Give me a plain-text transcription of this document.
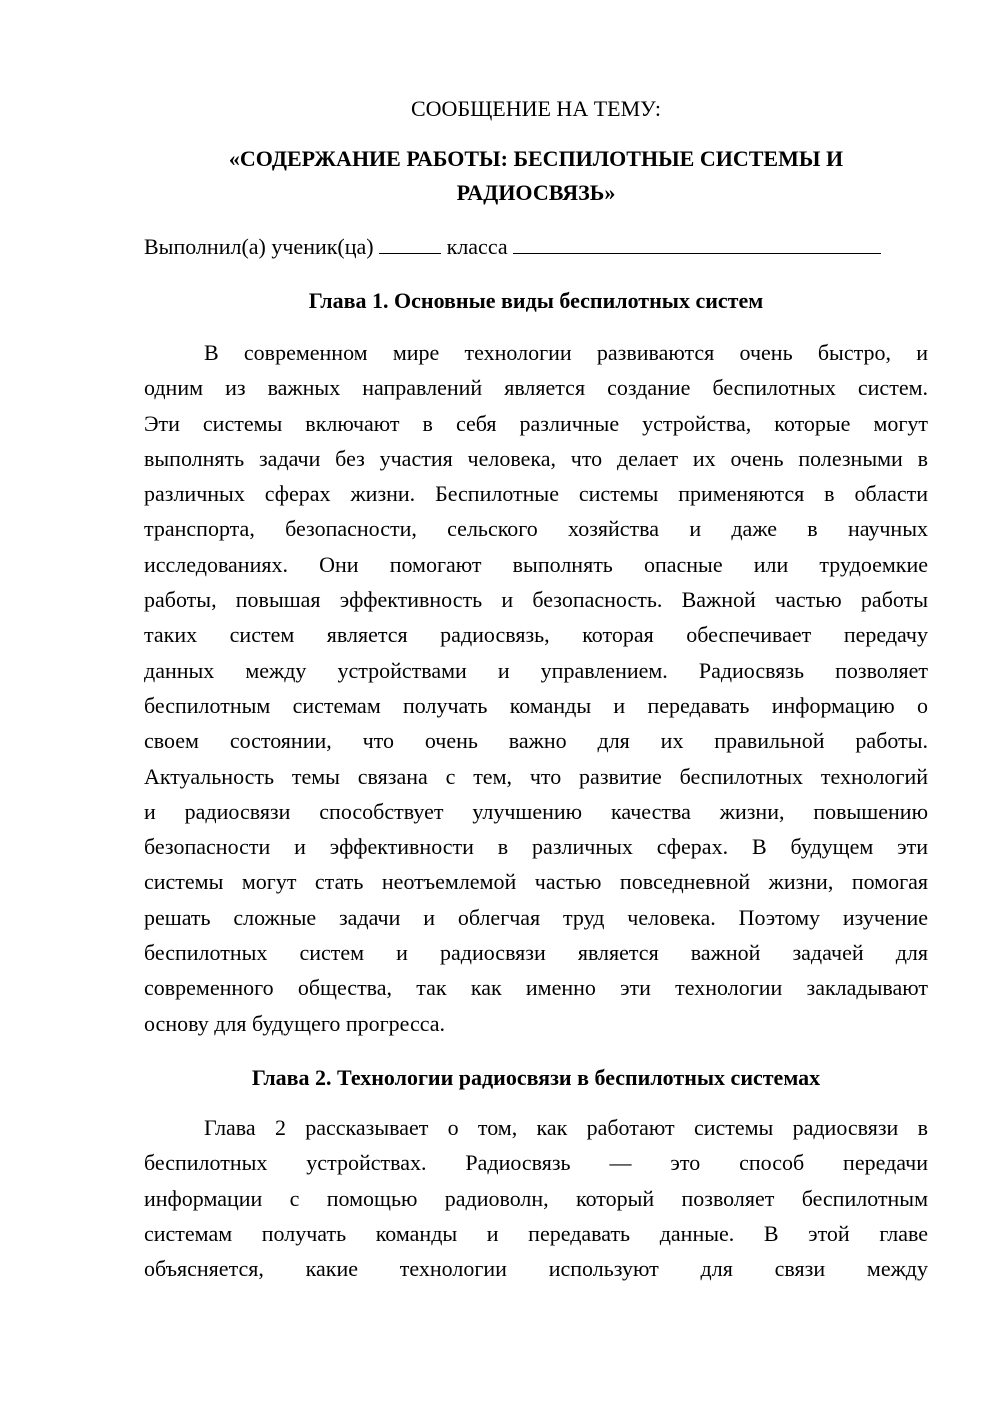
СООБЩЕНИЕ НА ТЕМУ:
«СОДЕРЖАНИЕ РАБОТЫ: БЕСПИЛОТНЫЕ СИСТЕМЫ И
РАДИОСВЯЗЬ»
Выполнил(а) ученик(ца)	класса
Глава 1. Основные виды беспилотных систем
В современном мире технологии развиваются очень быстро, и
одним из важных направлений является создание беспилотных систем.
Эти системы включают в себя различные устройства, которые могут
выполнять задачи без участия человека, что делает их очень полезными в
различных сферах жизни. Беспилотные системы применяются в области
транспорта, безопасности, сельского хозяйства и даже в научных
исследованиях. Они помогают выполнять опасные или трудоемкие
работы, повышая эффективность и безопасность. Важной частью работы
таких систем является радиосвязь, которая обеспечивает передачу
данных между устройствами и управлением. Радиосвязь позволяет
беспилотным системам получать команды и передавать информацию о
своем состоянии, что очень важно для их правильной работы.
Актуальность темы связана с тем, что развитие беспилотных технологий
и радиосвязи способствует улучшению качества жизни, повышению
безопасности и эффективности в различных сферах. В будущем эти
системы могут стать неотъемлемой частью повседневной жизни, помогая
решать сложные задачи и облегчая труд человека. Поэтому изучение
беспилотных систем и радиосвязи является важной задачей для
современного общества, так как именно эти технологии закладывают
основу для будущего прогресса.
Глава 2. Технологии радиосвязи в беспилотных системах
Глава 2 рассказывает о том, как работают системы радиосвязи в
беспилотных устройствах. Радиосвязь — это способ передачи
информации с помощью радиоволн, который позволяет беспилотным
системам получать команды и передавать данные. В этой главе
объясняется, какие технологии используют для связи между
